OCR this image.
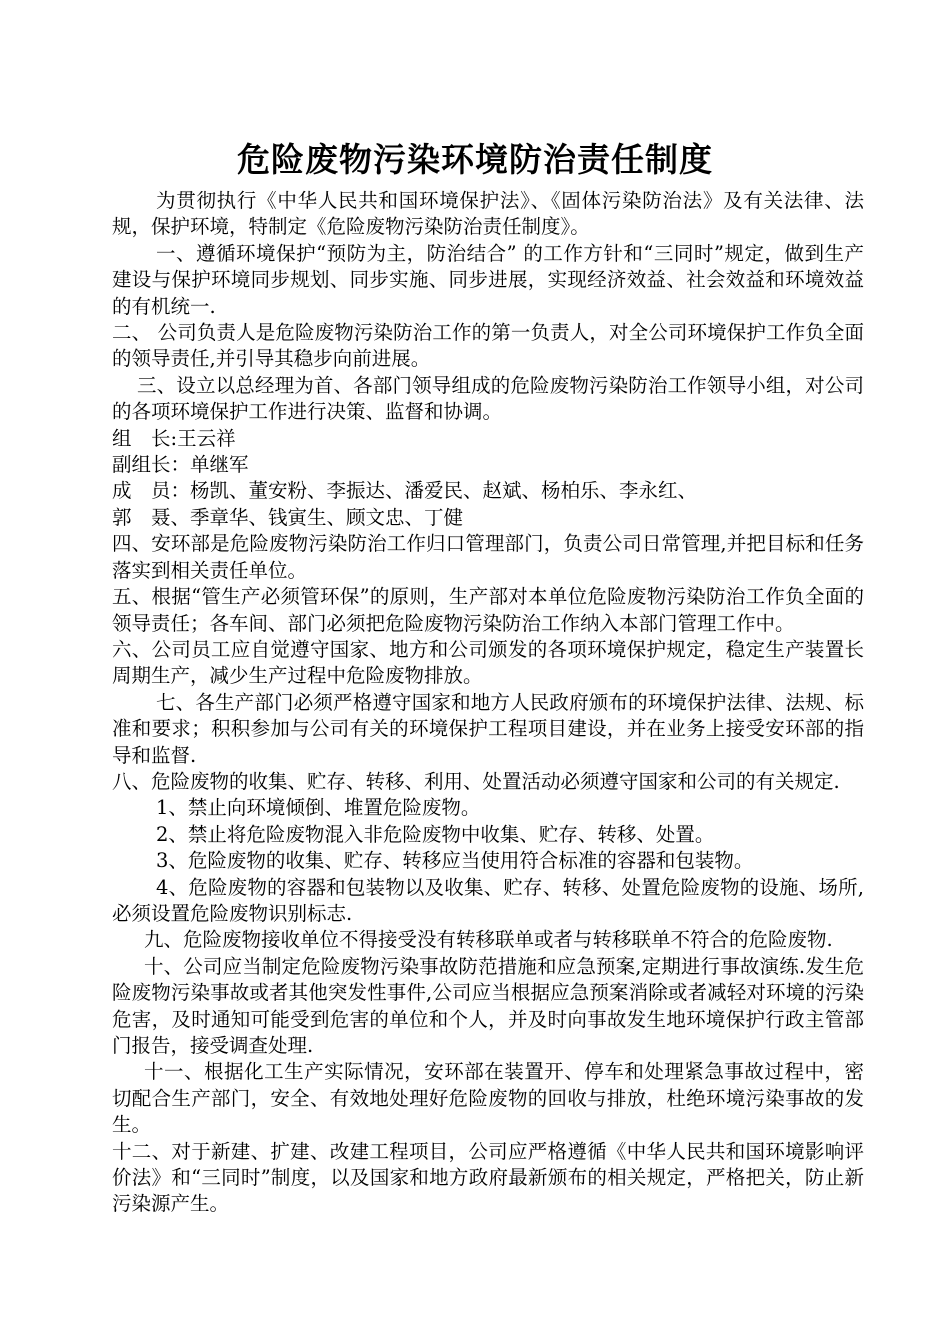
危险废物污染环境防治责任制度

为贯彻执行《中华人民共和国环境保护法》、《固体污染防治法》及有关法律、法规，保护环境，特制定《危险废物污染防治责任制度》。

一、遵循环境保护“预防为主，防治结合” 的工作方针和“三同时”规定，做到生产建设与保护环境同步规划、同步实施、同步进展，实现经济效益、社会效益和环境效益的有机统一.

二、 公司负责人是危险废物污染防治工作的第一负责人，对全公司环境保护工作负全面的领导责任,并引导其稳步向前进展。

三、设立以总经理为首、各部门领导组成的危险废物污染防治工作领导小组，对公司的各项环境保护工作进行决策、监督和协调。

组　长:王云祥

副组长：单继军

成　员：杨凯、董安粉、李振达、潘爱民、赵斌、杨柏乐、李永红、

郭　聂、季章华、钱寅生、顾文忠、丁健

四、安环部是危险废物污染防治工作归口管理部门，负责公司日常管理,并把目标和任务落实到相关责任单位。

五、根据“管生产必须管环保”的原则，生产部对本单位危险废物污染防治工作负全面的领导责任；各车间、部门必须把危险废物污染防治工作纳入本部门管理工作中。

六、公司员工应自觉遵守国家、地方和公司颁发的各项环境保护规定，稳定生产装置长周期生产，减少生产过程中危险废物排放。

七、各生产部门必须严格遵守国家和地方人民政府颁布的环境保护法律、法规、标准和要求；积积参加与公司有关的环境保护工程项目建设，并在业务上接受安环部的指导和监督.

八、危险废物的收集、贮存、转移、利用、处置活动必须遵守国家和公司的有关规定.

1、禁止向环境倾倒、堆置危险废物。

2、禁止将危险废物混入非危险废物中收集、贮存、转移、处置。

3、危险废物的收集、贮存、转移应当使用符合标准的容器和包装物。

4、危险废物的容器和包装物以及收集、贮存、转移、处置危险废物的设施、场所,必须设置危险废物识别标志.

九、危险废物接收单位不得接受没有转移联单或者与转移联单不符合的危险废物.

十、公司应当制定危险废物污染事故防范措施和应急预案,定期进行事故演练.发生危险废物污染事故或者其他突发性事件,公司应当根据应急预案消除或者减轻对环境的污染危害，及时通知可能受到危害的单位和个人，并及时向事故发生地环境保护行政主管部门报告，接受调查处理.

十一、根据化工生产实际情况，安环部在装置开、停车和处理紧急事故过程中，密切配合生产部门，安全、有效地处理好危险废物的回收与排放，杜绝环境污染事故的发生。

十二、对于新建、扩建、改建工程项目，公司应严格遵循《中华人民共和国环境影响评价法》和“三同时”制度，以及国家和地方政府最新颁布的相关规定，严格把关，防止新污染源产生。
